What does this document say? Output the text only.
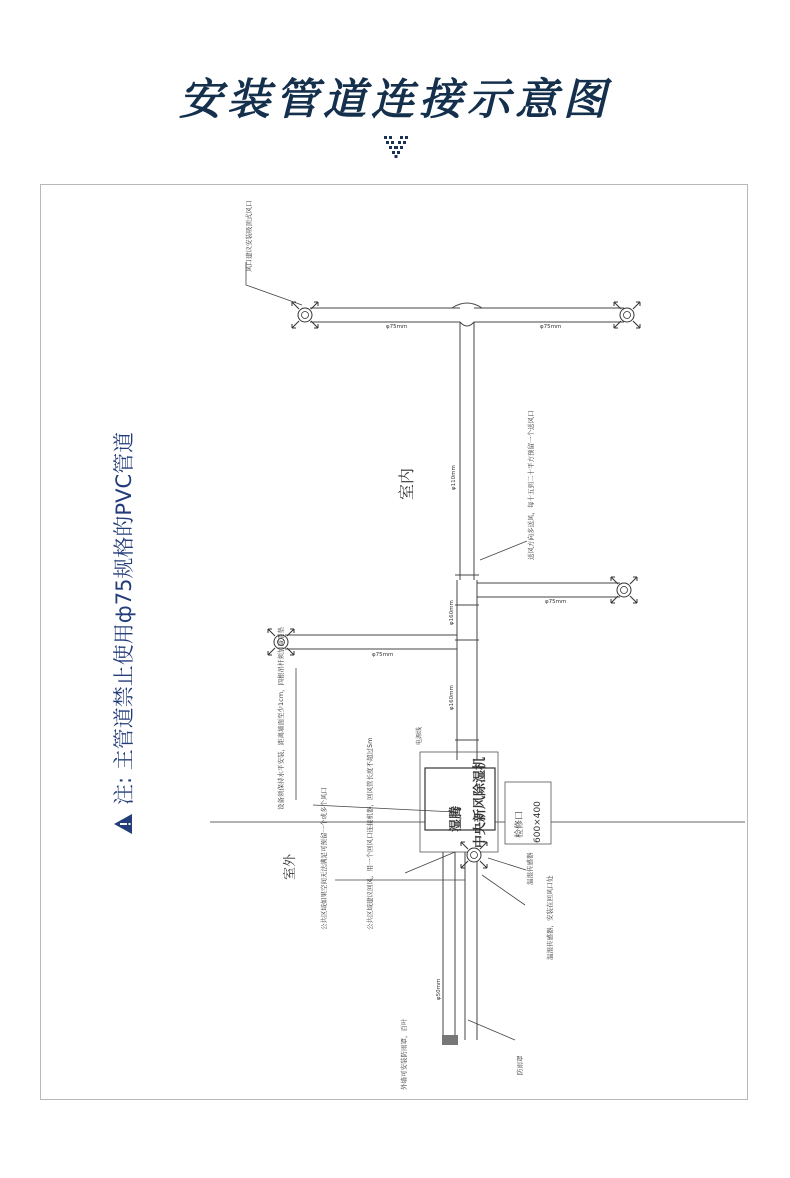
安装管道连接示意图
湿腾 中央新风除湿机	检修口 600×400
风口建议安装吸顶式风口
室内
室外
φ110mm
φ75mm	φ75mm
φ75mm
φ75mm
φ160mm
φ160mm
φ50mm
电源线
送风方向多送风，每十五到二十平方预留一个送风口
设备须保持水平安装，距离墙面至少1cm，四根吊杆须加减震垫
公共区域如果空间无法满足可预留一个或多个风口	公共区域建议回风，用一个回风口连接机器，回风管长度不超过5m	温湿传感器
温湿传感器，安装在回风口处
外墙可安装防雨罩，百叶	防雨罩
注: 主管道禁止使用ф75规格的PVC管道
